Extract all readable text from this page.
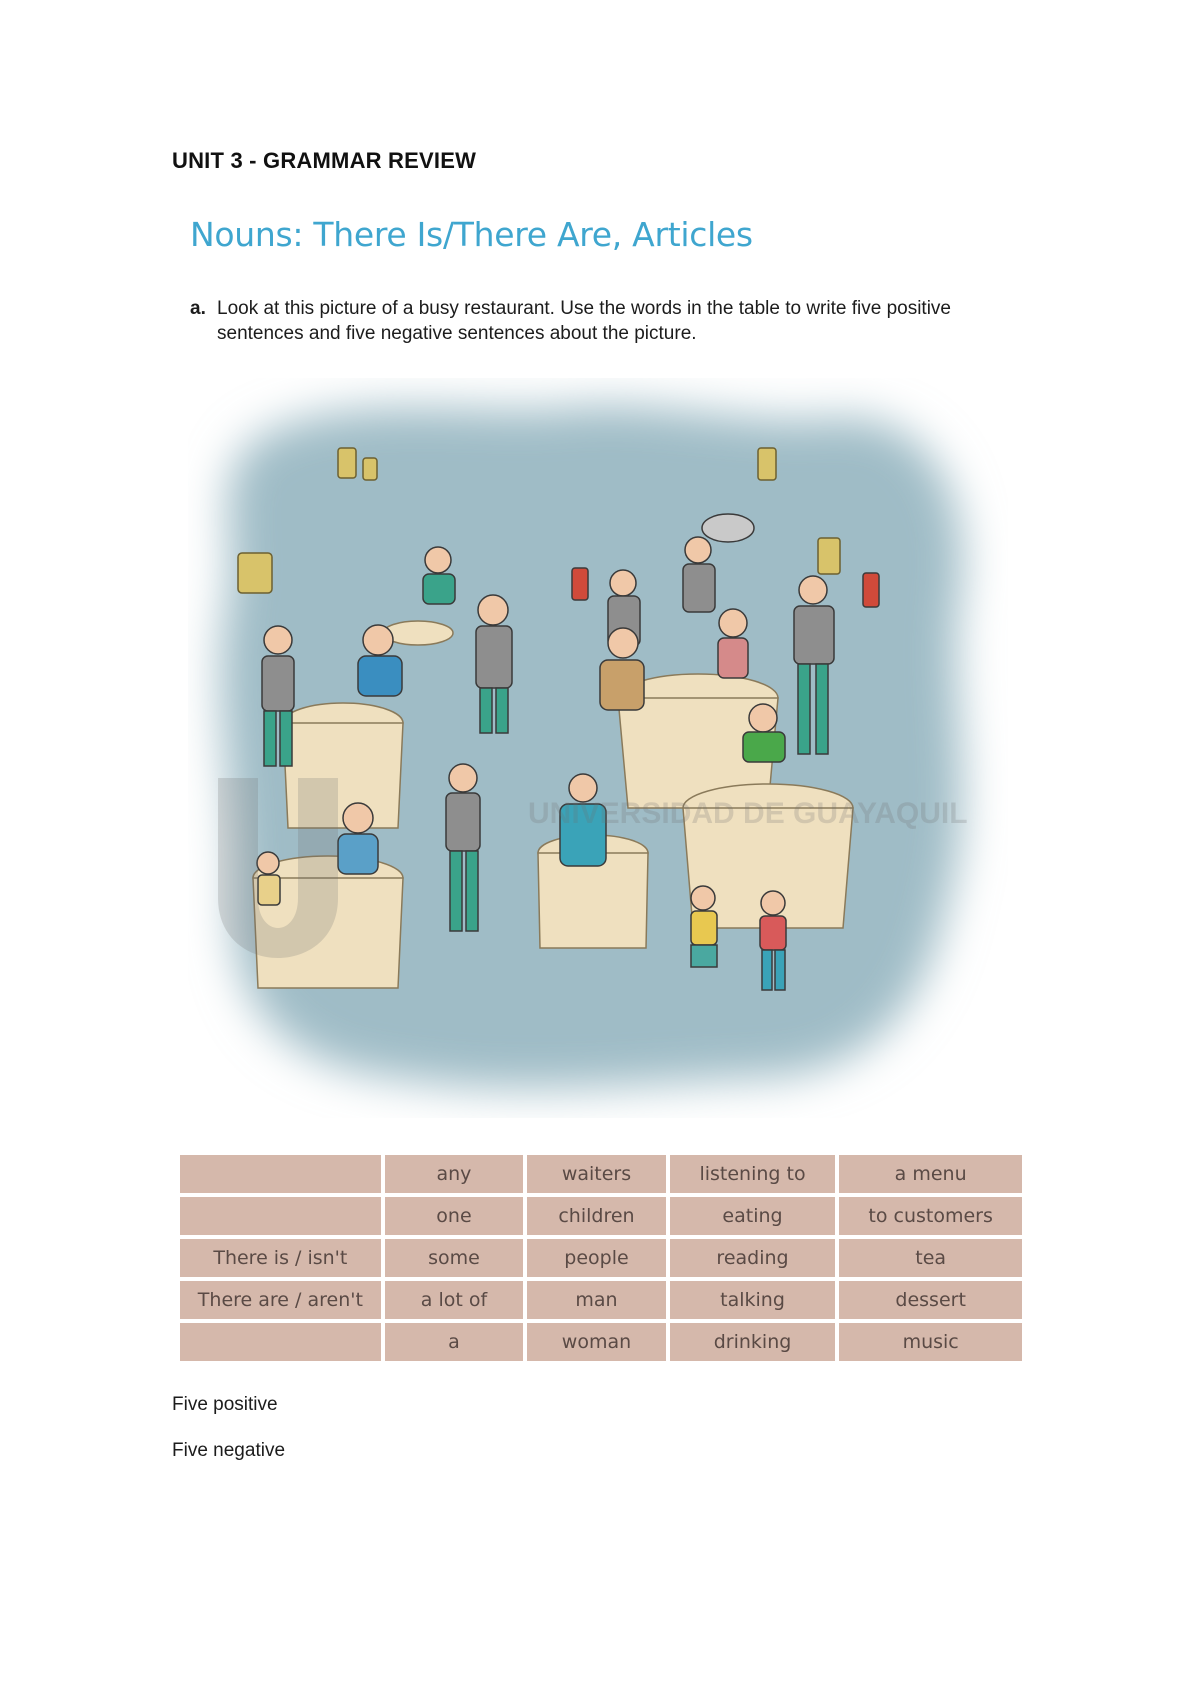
UNIT 3 - GRAMMAR REVIEW
Nouns: There Is/There Are, Articles
a. Look at this picture of a busy restaurant. Use the words in the table to write five positive sentences and five negative sentences about the picture.
UNIVERSIDAD DE GUAYAQUIL
	any	waiters	listening to	a menu
	one	children	eating	to customers
There is / isn't	some	people	reading	tea
There are / aren't	a lot of	man	talking	dessert
	a	woman	drinking	music
Five positive
Five negative
